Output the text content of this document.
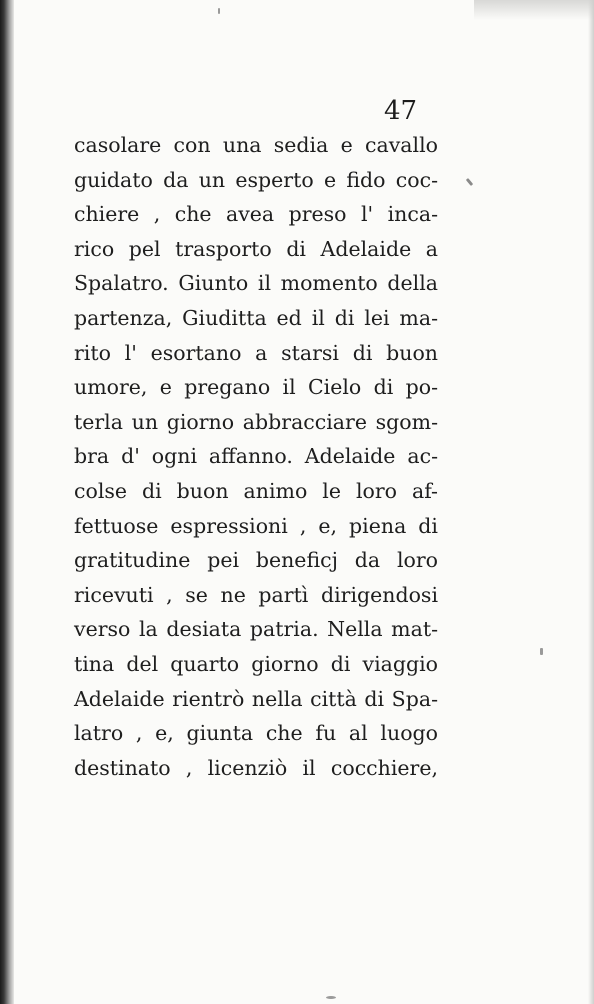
47

casolare con una sedia e cavallo
guidato da un esperto e fido coc-
chiere , che avea preso l' inca-
rico pel trasporto di Adelaide a
Spalatro. Giunto il momento della
partenza, Giuditta ed il di lei ma-
rito l' esortano a starsi di buon
umore, e pregano il Cielo di po-
terla un giorno abbracciare sgom-
bra d' ogni affanno. Adelaide ac-
colse di buon animo le loro af-
fettuose espressioni , e, piena di
gratitudine pei beneficj da loro
ricevuti , se ne partì dirigendosi
verso la desiata patria. Nella mat-
tina del quarto giorno di viaggio
Adelaide rientrò nella città di Spa-
latro , e, giunta che fu al luogo
destinato , licenziò il cocchiere,
